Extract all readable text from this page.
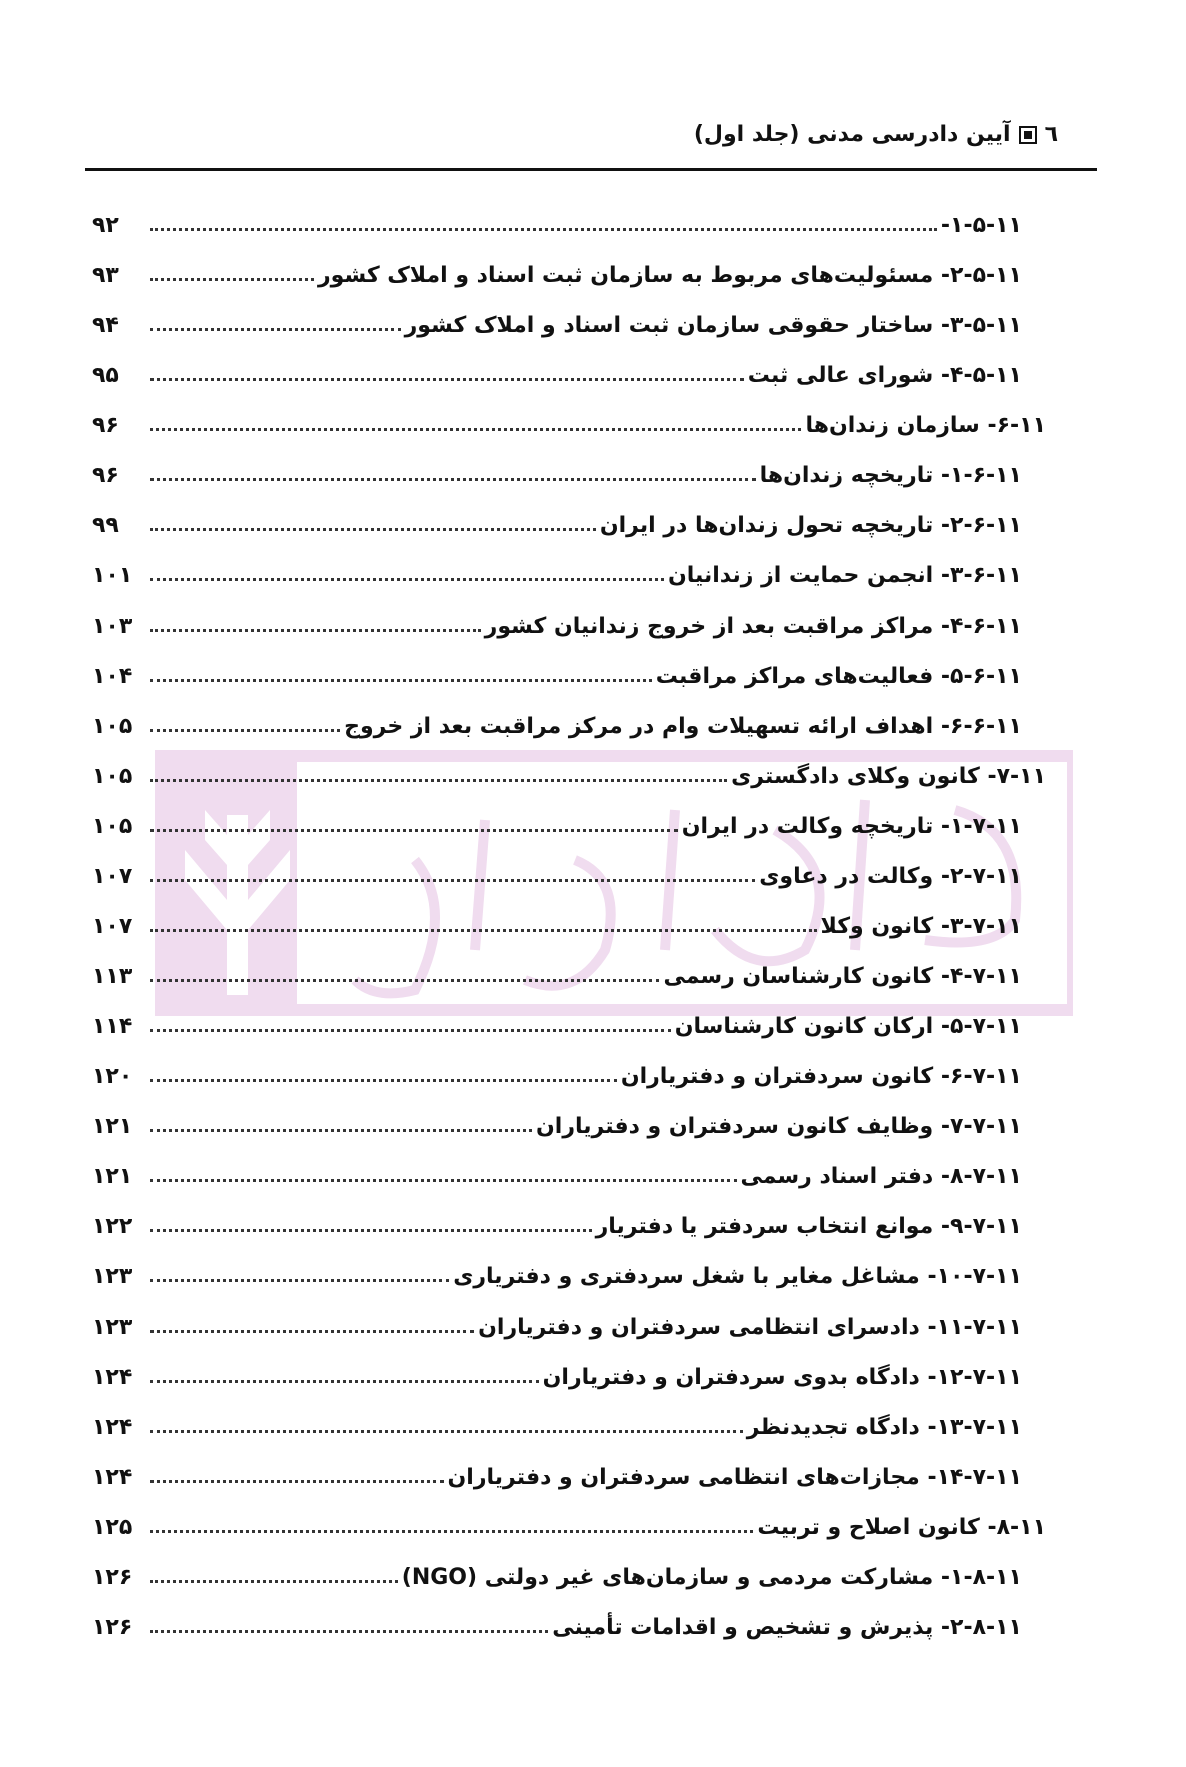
٦
آیین دادرسی مدنی (جلد اول)
۱-۵-۱۱-
۹۲
۲-۵-۱۱- مسئولیت‌های مربوط به سازمان ثبت اسناد و املاک کشور
۹۳
۳-۵-۱۱- ساختار حقوقی سازمان ثبت اسناد و املاک کشور
۹۴
۴-۵-۱۱- شورای عالی ثبت
۹۵
۶-۱۱- سازمان زندان‌ها
۹۶
۱-۶-۱۱- تاریخچه زندان‌ها
۹۶
۲-۶-۱۱- تاریخچه تحول زندان‌ها در ایران
۹۹
۳-۶-۱۱- انجمن حمایت از زندانیان
۱۰۱
۴-۶-۱۱- مراکز مراقبت بعد از خروج زندانیان کشور
۱۰۳
۵-۶-۱۱- فعالیت‌های مراکز مراقبت
۱۰۴
۶-۶-۱۱- اهداف ارائه تسهیلات وام در مرکز مراقبت بعد از خروج
۱۰۵
۷-۱۱- کانون وکلای دادگستری
۱۰۵
۱-۷-۱۱- تاریخچه وکالت در ایران
۱۰۵
۲-۷-۱۱- وکالت در دعاوی
۱۰۷
۳-۷-۱۱- کانون وکلا
۱۰۷
۴-۷-۱۱- کانون کارشناسان رسمی
۱۱۳
۵-۷-۱۱- ارکان کانون کارشناسان
۱۱۴
۶-۷-۱۱- کانون سردفتران و دفتریاران
۱۲۰
۷-۷-۱۱- وظایف کانون سردفتران و دفتریاران
۱۲۱
۸-۷-۱۱- دفتر اسناد رسمی
۱۲۱
۹-۷-۱۱- موانع انتخاب سردفتر یا دفتریار
۱۲۲
۱۰-۷-۱۱- مشاغل مغایر با شغل سردفتری و دفتریاری
۱۲۳
۱۱-۷-۱۱- دادسرای انتظامی سردفتران و دفتریاران
۱۲۳
۱۲-۷-۱۱- دادگاه بدوی سردفتران و دفتریاران
۱۲۴
۱۳-۷-۱۱- دادگاه تجدیدنظر
۱۲۴
۱۴-۷-۱۱- مجازات‌های انتظامی سردفتران و دفتریاران
۱۲۴
۸-۱۱- کانون اصلاح و تربیت
۱۲۵
۱-۸-۱۱- مشارکت مردمی و سازمان‌های غیر دولتی (NGO)
۱۲۶
۲-۸-۱۱- پذیرش و تشخیص و اقدامات تأمینی
۱۲۶
